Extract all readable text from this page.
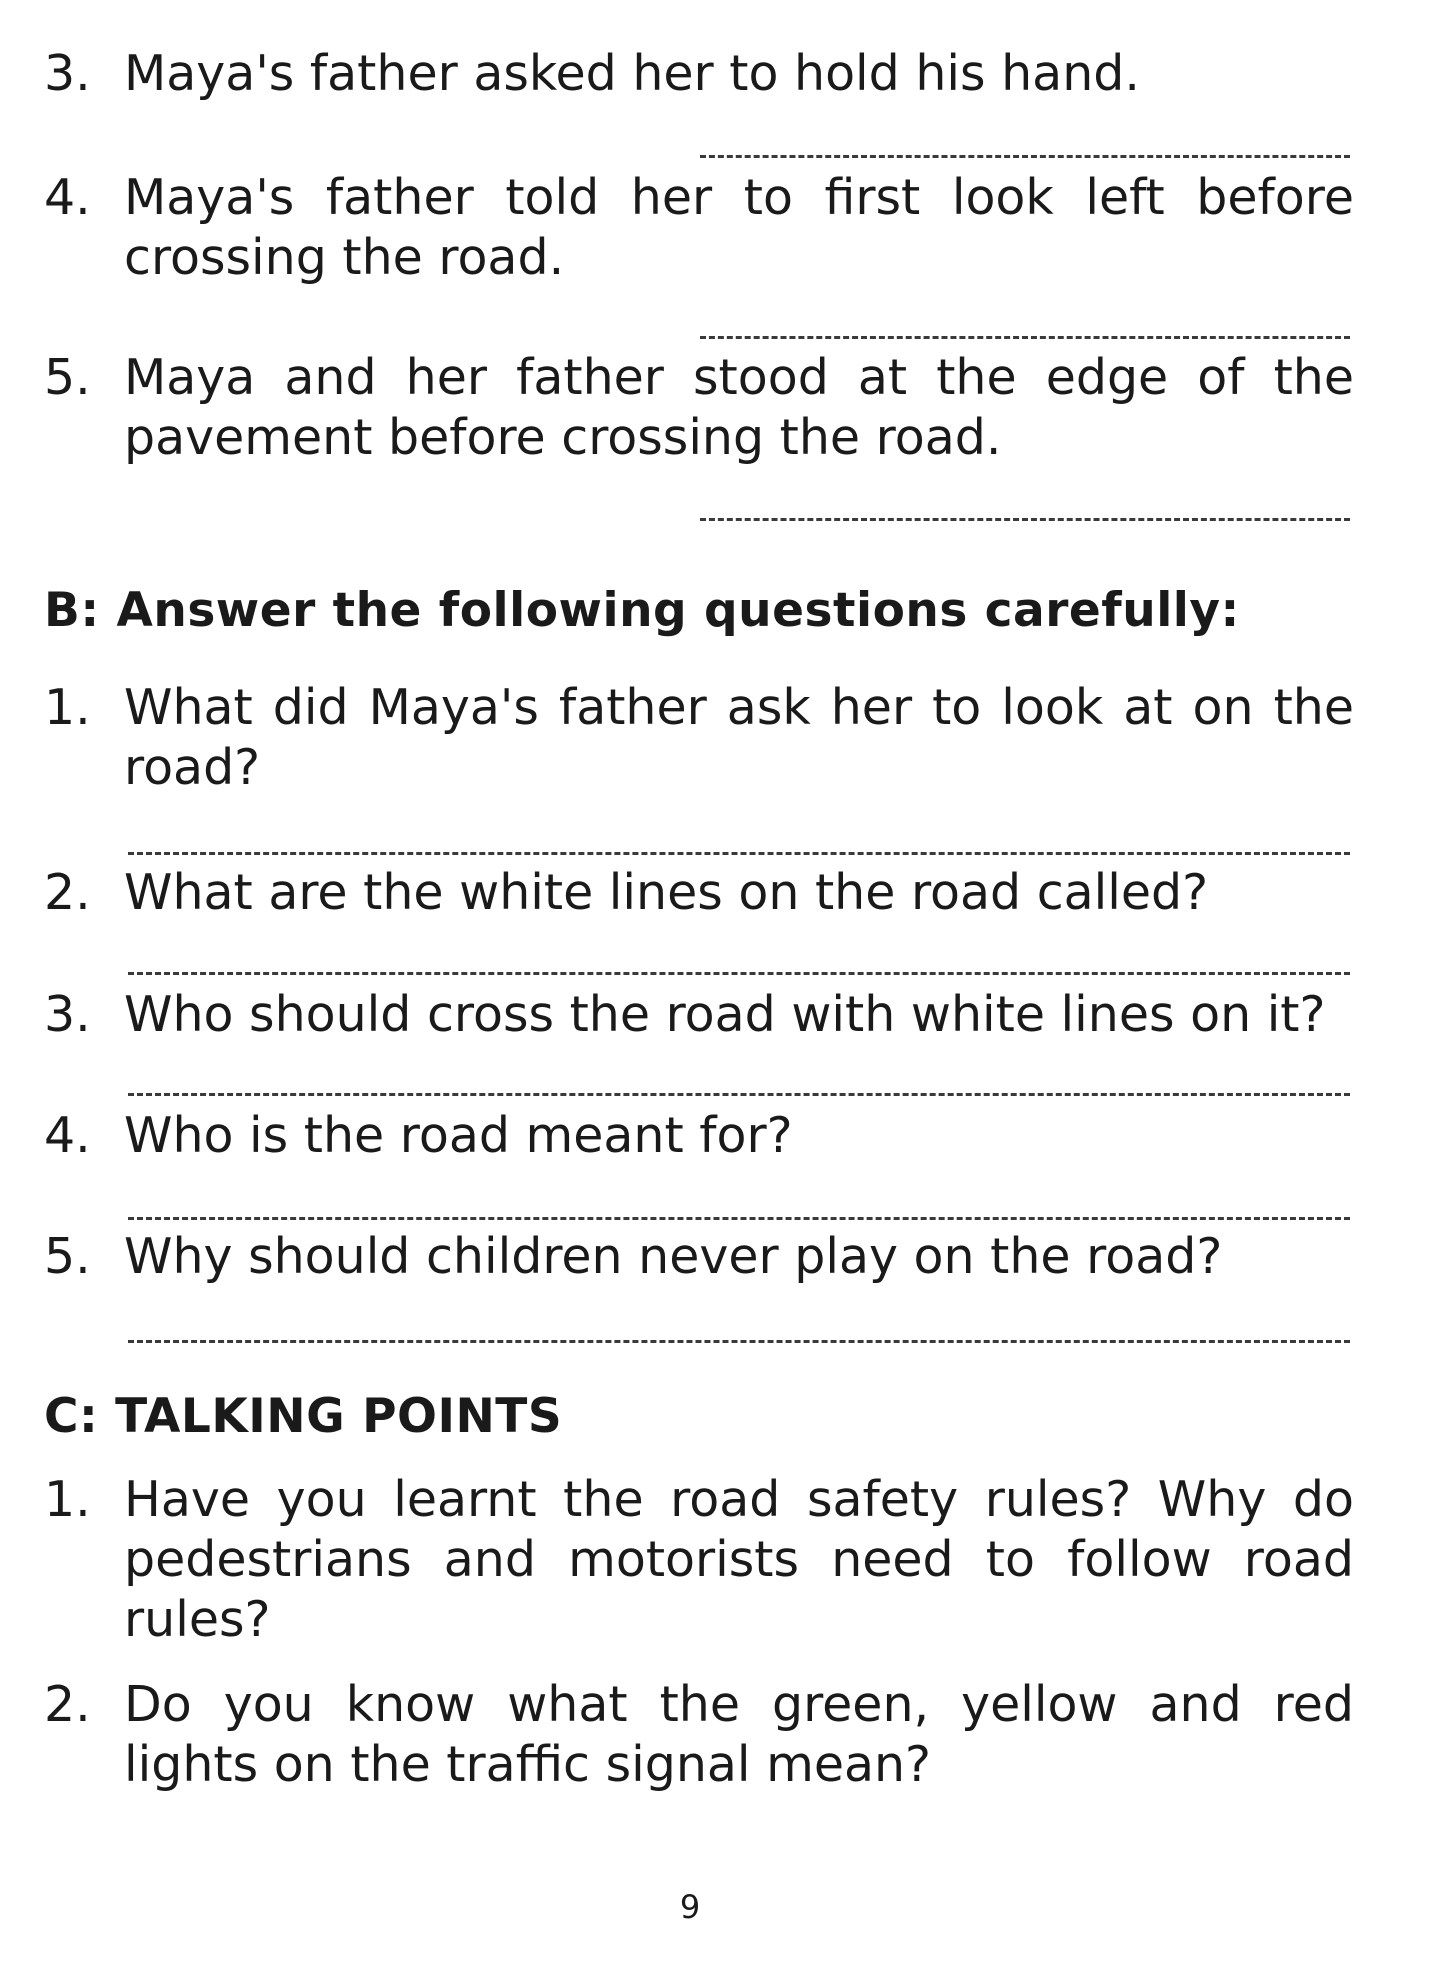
3. Maya's father asked her to hold his hand.
4. Maya's father told her to first look left before
crossing the road.
5. Maya and her father stood at the edge of the
pavement before crossing the road.
B: Answer the following questions carefully:
1. What did Maya's father ask her to look at on the
road?
2. What are the white lines on the road called?
3. Who should cross the road with white lines on it?
4. Who is the road meant for?
5. Why should children never play on the road?
C: TALKING POINTS
1. Have you learnt the road safety rules? Why do
pedestrians and motorists need to follow road
rules?
2. Do you know what the green, yellow and red
lights on the traffic signal mean?
9
